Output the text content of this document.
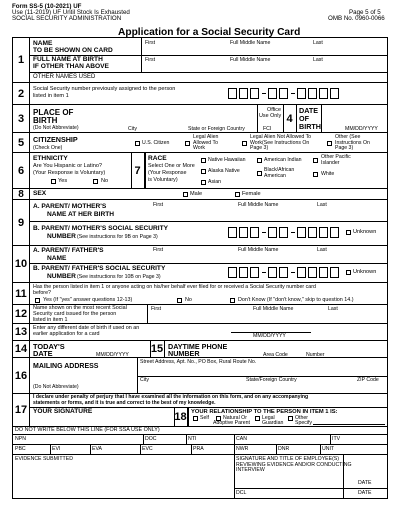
Form SS-5 (10-2021) UF
Use (11-2019) UF Until Stock Is Exhausted
SOCIAL SECURITY ADMINISTRATION
Page 5 of 5
OMB No. 0960-0066
Application for a Social Security Card
1
NAME
TO BE SHOWN ON CARD
FULL NAME AT BIRTH
IF OTHER THAN ABOVE
OTHER NAMES USED
First	Full Middle Name	Last
First	Full Middle Name	Last
2	Social Security number previously assigned to the person
listed in item 1
3	PLACE OF
BIRTH
(Do Not Abbreviate)	City	State or Foreign Country
Office
Use Only
FCI
4
DATE
OF
BIRTH	MM/DD/YYYY
5	CITIZENSHIP
(Check One)
U.S. Citizen
Legal Alien
Allowed To
Work
Legal Alien Not Allowed To
Work(See Instructions On
Page 3)
Other (See
Instructions On
Page 3)
6
ETHNICITY
Are You Hispanic or Latino?
(Your Response is Voluntary)
Yes	No
7
RACE
Select One or More
(Your Response
is Voluntary)
Native Hawaiian	American Indian	Other Pacific
Islander
Alaska Native	Black/African
American	White
Asian
8	SEX	Male	Female
9
A. PARENT/ MOTHER'S
NAME AT HER BIRTH
First	Full Middle Name	Last
B. PARENT/ MOTHER'S SOCIAL SECURITY
NUMBER (See instructions for 9B on Page 3)
Unknown
10
A. PARENT/ FATHER'S
NAME
First	Full Middle Name	Last
B. PARENT/ FATHER'S SOCIAL SECURITY
NUMBER (See instructions for 10B on Page 3)
Unknown
11
Has the person listed in item 1 or anyone acting on his/her behalf ever filed for or received a Social Security number card
before?
Yes (If "yes" answer questions 12-13)	No	Don't Know (If "don't know," skip to question 14.)
12	Name shown on the most recent Social
Security card issued for the person
listed in item 1
First	Full Middle Name	Last
13	Enter any different date of birth if used on an
earlier application for a card	MM/DD/YYYY
14 TODAY'S
DATE	MM/DD/YYYY 15 DAYTIME PHONE
NUMBER	Area Code	Number
16
MAILING ADDRESS
(Do Not Abbreviate)
Street Address, Apt. No., PO Box, Rural Route No.
City	State/Foreign Country	ZIP Code
17
I declare under penalty of perjury that I have examined all the information on this form, and on any accompanying
statements or forms, and it is true and correct to the best of my knowledge.
YOUR SIGNATURE	18 YOUR RELATIONSHIP TO THE PERSON IN ITEM 1 IS:
Self	Natural Or
Adoptive Parent
Legal
Guardian
Other
Specify
DO NOT WRITE BELOW THIS LINE (FOR SSA USE ONLY)
NPN	DOC	NTI	CAN	ITV
PBC	EVI	EVA	EVC	PRA	NWR	DNR	UNIT
EVIDENCE SUBMITTED	SIGNATURE AND TITLE OF EMPLOYEE(S)
REVIEWING EVIDENCE AND/OR CONDUCTING
INTERVIEW
DATE
DCL	DATE
